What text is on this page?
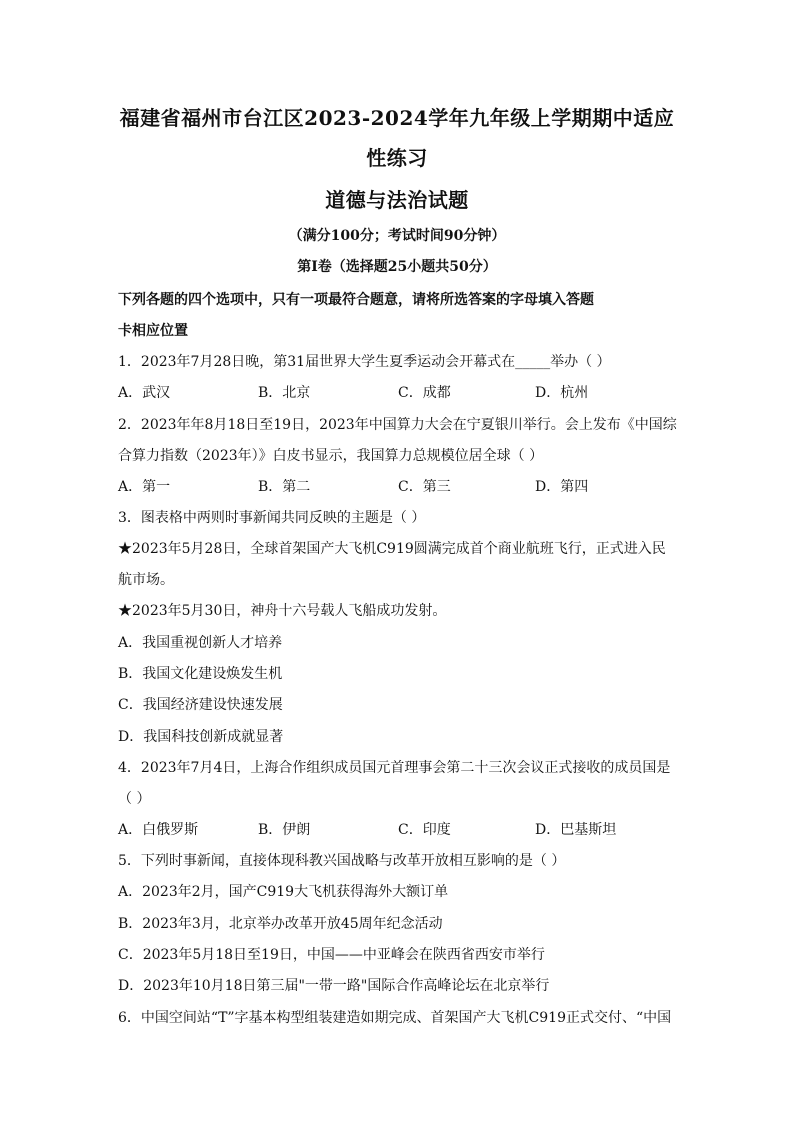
福建省福州市台江区2023-2024学年九年级上学期期中适应
性练习
道德与法治试题
（满分100分；考试时间90分钟）
第Ⅰ卷（选择题25小题共50分）
下列各题的四个选项中，只有一项最符合题意，请将所选答案的字母填入答题
卡相应位置
1．2023年7月28日晚，第31届世界大学生夏季运动会开幕式在_____举办（ ）
A．武汉	B．北京	C．成都	D．杭州
2．2023年年8月18日至19日，2023年中国算力大会在宁夏银川举行。会上发布《中国综
合算力指数（2023年）》白皮书显示，我国算力总规模位居全球（ ）
A．第一	B．第二	C．第三	D．第四
3．图表格中两则时事新闻共同反映的主题是（ ）
★2023年5月28日，全球首架国产大飞机C919圆满完成首个商业航班飞行，正式进入民
航市场。
★2023年5月30日，神舟十六号载人飞船成功发射。
A．我国重视创新人才培养
B．我国文化建设焕发生机
C．我国经济建设快速发展
D．我国科技创新成就显著
4．2023年7月4日，上海合作组织成员国元首理事会第二十三次会议正式接收的成员国是
（ ）
A．白俄罗斯	B．伊朗	C．印度	D．巴基斯坦
5．下列时事新闻，直接体现科教兴国战略与改革开放相互影响的是（ ）
A．2023年2月，国产C919大飞机获得海外大额订单
B．2023年3月，北京举办改革开放45周年纪念活动
C．2023年5月18日至19日，中国——中亚峰会在陕西省西安市举行
D．2023年10月18日第三届"一带一路"国际合作高峰论坛在北京举行
6．中国空间站“T”字基本构型组装建造如期完成、首架国产大飞机C919正式交付、“中国
